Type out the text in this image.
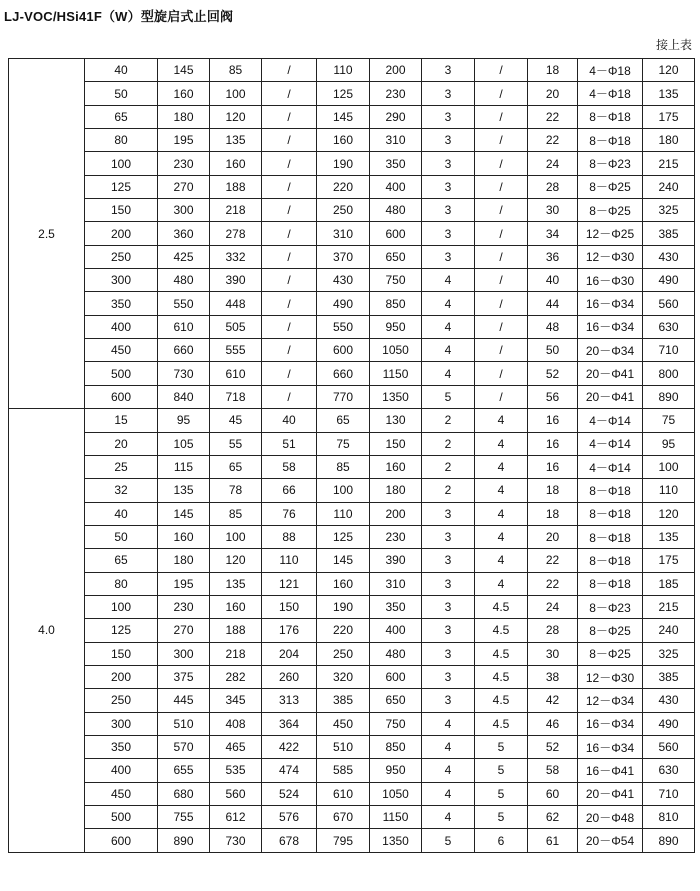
LJ-VOC/HSi41F（W）型旋启式止回阀
接上表
2.5	40	145	85	/	110	200	3	/	18	4－Φ18	120
	50	160	100	/	125	230	3	/	20	4－Φ18	135
	65	180	120	/	145	290	3	/	22	8－Φ18	175
	80	195	135	/	160	310	3	/	22	8－Φ18	180
	100	230	160	/	190	350	3	/	24	8－Φ23	215
	125	270	188	/	220	400	3	/	28	8－Φ25	240
	150	300	218	/	250	480	3	/	30	8－Φ25	325
	200	360	278	/	310	600	3	/	34	12－Φ25	385
	250	425	332	/	370	650	3	/	36	12－Φ30	430
	300	480	390	/	430	750	4	/	40	16－Φ30	490
	350	550	448	/	490	850	4	/	44	16－Φ34	560
	400	610	505	/	550	950	4	/	48	16－Φ34	630
	450	660	555	/	600	1050	4	/	50	20－Φ34	710
	500	730	610	/	660	1150	4	/	52	20－Φ41	800
	600	840	718	/	770	1350	5	/	56	20－Φ41	890
4.0	15	95	45	40	65	130	2	4	16	4－Φ14	75
	20	105	55	51	75	150	2	4	16	4－Φ14	95
	25	115	65	58	85	160	2	4	16	4－Φ14	100
	32	135	78	66	100	180	2	4	18	8－Φ18	110
	40	145	85	76	110	200	3	4	18	8－Φ18	120
	50	160	100	88	125	230	3	4	20	8－Φ18	135
	65	180	120	110	145	390	3	4	22	8－Φ18	175
	80	195	135	121	160	310	3	4	22	8－Φ18	185
	100	230	160	150	190	350	3	4.5	24	8－Φ23	215
	125	270	188	176	220	400	3	4.5	28	8－Φ25	240
	150	300	218	204	250	480	3	4.5	30	8－Φ25	325
	200	375	282	260	320	600	3	4.5	38	12－Φ30	385
	250	445	345	313	385	650	3	4.5	42	12－Φ34	430
	300	510	408	364	450	750	4	4.5	46	16－Φ34	490
	350	570	465	422	510	850	4	5	52	16－Φ34	560
	400	655	535	474	585	950	4	5	58	16－Φ41	630
	450	680	560	524	610	1050	4	5	60	20－Φ41	710
	500	755	612	576	670	1150	4	5	62	20－Φ48	810
	600	890	730	678	795	1350	5	6	61	20－Φ54	890
